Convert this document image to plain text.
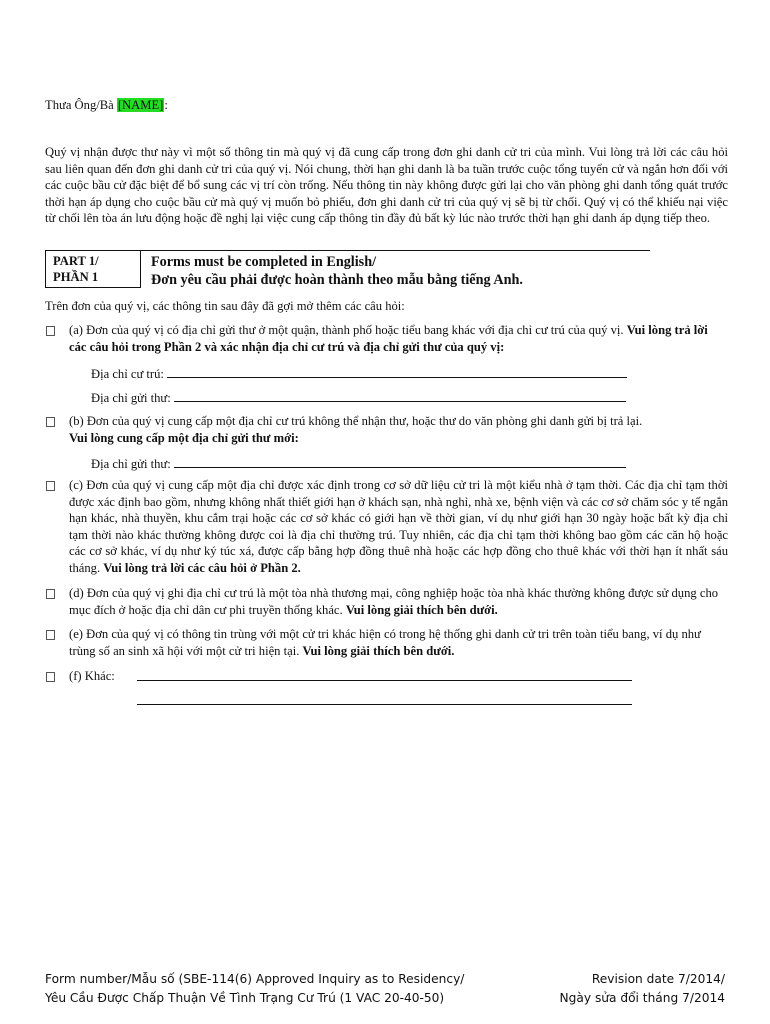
Thưa Ông/Bà [NAME]:
Quý vị nhận được thư này vì một số thông tin mà quý vị đã cung cấp trong đơn ghi danh cử tri của mình. Vui lòng trả lời các câu hỏi sau liên quan đến đơn ghi danh cử tri của quý vị. Nói chung, thời hạn ghi danh là ba tuần trước cuộc tổng tuyển cử và ngắn hơn đối với các cuộc bầu cử đặc biệt để bổ sung các vị trí còn trống. Nếu thông tin này không được gửi lại cho văn phòng ghi danh tổng quát trước thời hạn áp dụng cho cuộc bầu cử mà quý vị muốn bỏ phiếu, đơn ghi danh cử tri của quý vị sẽ bị từ chối. Quý vị có thể khiếu nại việc từ chối lên tòa án lưu động hoặc đề nghị lại việc cung cấp thông tin đầy đủ bất kỳ lúc nào trước thời hạn ghi danh áp dụng tiếp theo.
PART 1/
PHẦN 1
Forms must be completed in English/
Đơn yêu cầu phải được hoàn thành theo mẫu bằng tiếng Anh.
Trên đơn của quý vị, các thông tin sau đây đã gợi mở thêm các câu hỏi:
(a) Đơn của quý vị có địa chỉ gửi thư ở một quận, thành phố hoặc tiểu bang khác với địa chỉ cư trú của quý vị. Vui lòng trả lời các câu hỏi trong Phần 2 và xác nhận địa chỉ cư trú và địa chỉ gửi thư của quý vị:
Địa chỉ cư trú:
Địa chỉ gửi thư:
(b) Đơn của quý vị cung cấp một địa chỉ cư trú không thể nhận thư, hoặc thư do văn phòng ghi danh gửi bị trả lại.
Vui lòng cung cấp một địa chỉ gửi thư mới:
Địa chỉ gửi thư:
(c) Đơn của quý vị cung cấp một địa chỉ được xác định trong cơ sở dữ liệu cử tri là một kiểu nhà ở tạm thời. Các địa chỉ tạm thời được xác định bao gồm, nhưng không nhất thiết giới hạn ở khách sạn, nhà nghỉ, nhà xe, bệnh viện và các cơ sở chăm sóc y tế ngắn hạn khác, nhà thuyền, khu cắm trại hoặc các cơ sở khác có giới hạn về thời gian, ví dụ như giới hạn 30 ngày hoặc bất kỳ địa chỉ tạm thời nào khác thường không được coi là địa chỉ thường trú. Tuy nhiên, các địa chỉ tạm thời không bao gồm các căn hộ hoặc các cơ sở khác, ví dụ như ký túc xá, được cấp bằng hợp đồng thuê nhà hoặc các hợp đồng cho thuê khác với thời hạn ít nhất sáu tháng. Vui lòng trả lời các câu hỏi ở Phần 2.
(d) Đơn của quý vị ghi địa chỉ cư trú là một tòa nhà thương mại, công nghiệp hoặc tòa nhà khác thường không được sử dụng cho mục đích ở hoặc địa chỉ dân cư phi truyền thống khác. Vui lòng giải thích bên dưới.
(e) Đơn của quý vị có thông tin trùng với một cử tri khác hiện có trong hệ thống ghi danh cử tri trên toàn tiểu bang, ví dụ như trùng số an sinh xã hội với một cử tri hiện tại. Vui lòng giải thích bên dưới.
(f) Khác:
Form number/Mẫu số (SBE-114(6) Approved Inquiry as to Residency/
Yêu Cầu Được Chấp Thuận Về Tình Trạng Cư Trú (1 VAC 20-40-50)
Revision date 7/2014/
Ngày sửa đổi tháng 7/2014
